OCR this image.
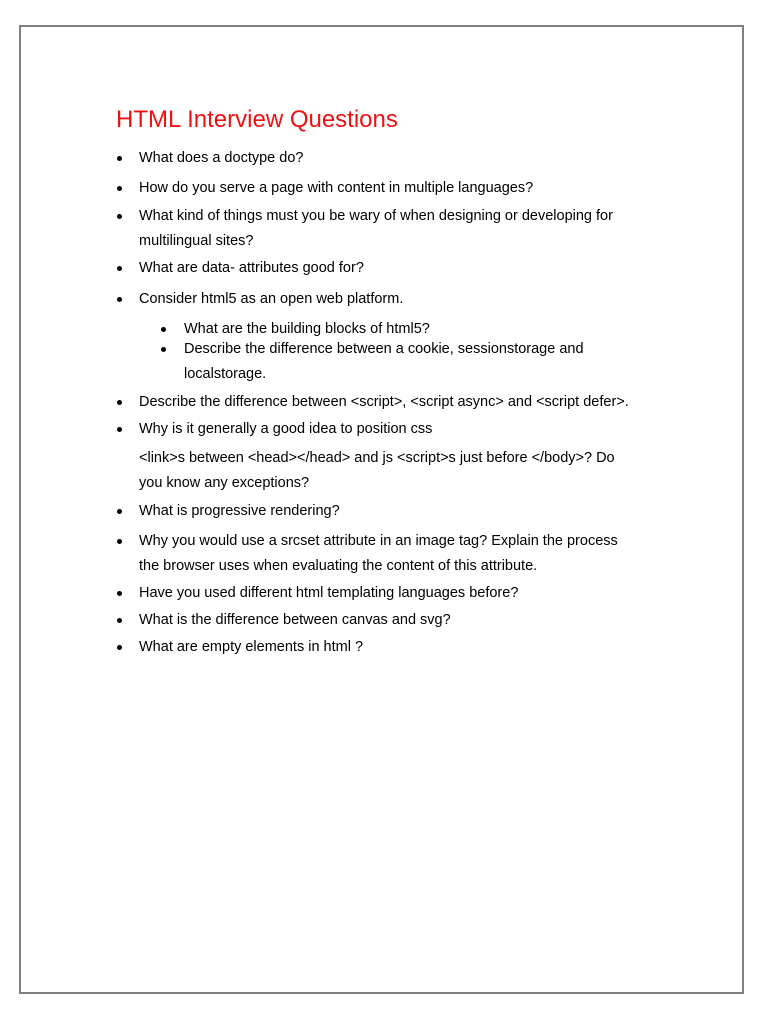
HTML Interview Questions

What does a doctype do?

How do you serve a page with content in multiple languages?

What kind of things must you be wary of when designing or developing for

multilingual sites?

What are data- attributes good for?

Consider html5 as an open web platform.

What are the building blocks of html5?

Describe the difference between a cookie, sessionstorage and

localstorage.

Describe the difference between <script>, <script async> and <script defer>.

Why is it generally a good idea to position css

<link>s between <head></head> and js <script>s just before </body>? Do

you know any exceptions?

What is progressive rendering?

Why you would use a srcset attribute in an image tag? Explain the process

the browser uses when evaluating the content of this attribute.

Have you used different html templating languages before?

What is the difference between canvas and svg?

What are empty elements in html ?
